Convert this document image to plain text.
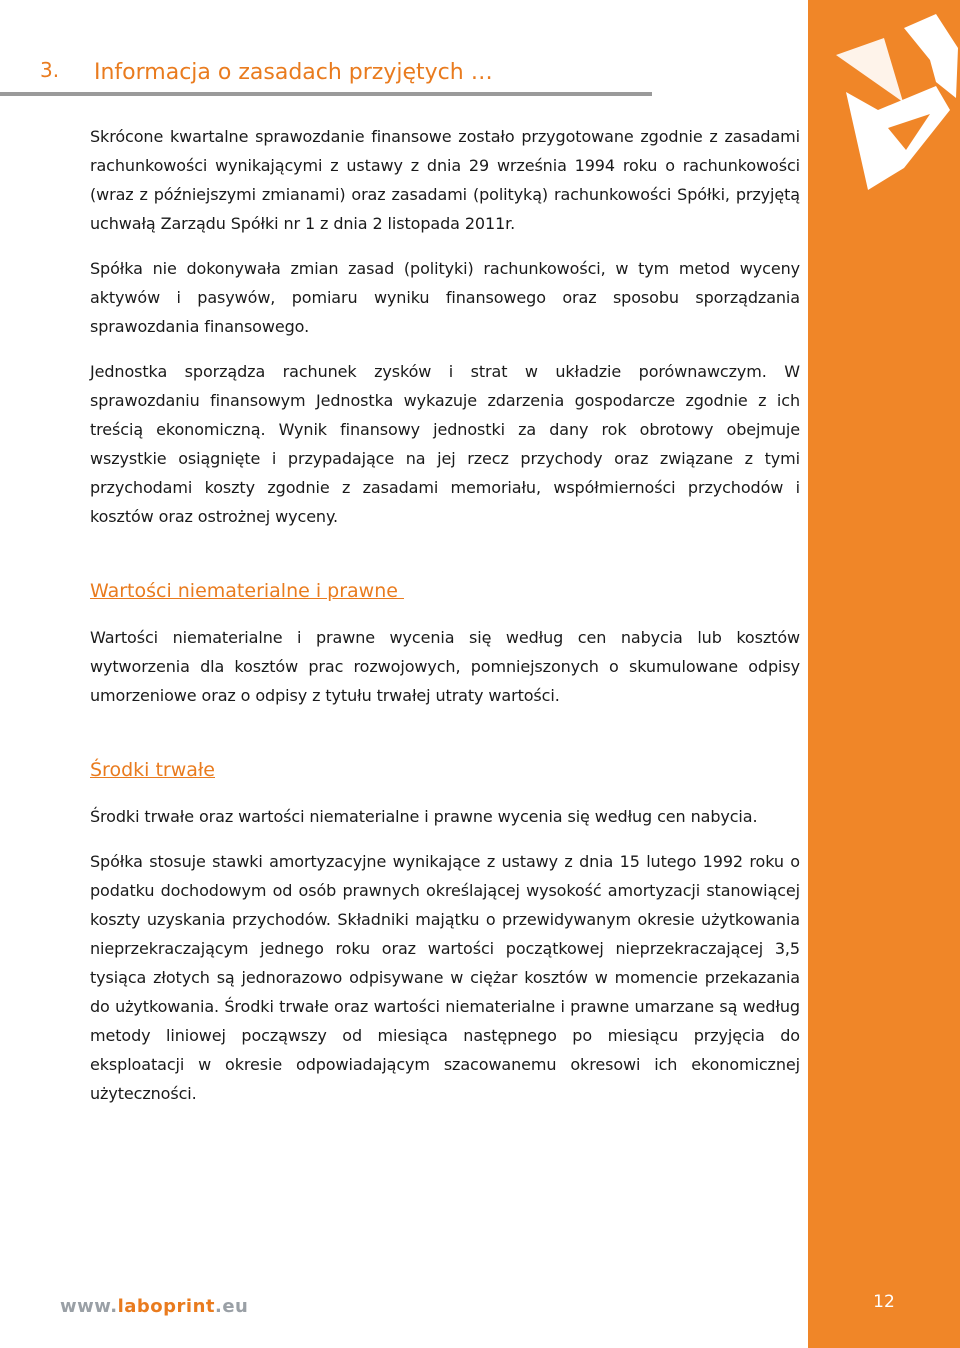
3. Informacja o zasadach przyjętych …

Skrócone kwartalne sprawozdanie finansowe zostało przygotowane zgodnie z zasadami rachunkowości wynikającymi z ustawy z dnia 29 września 1994 roku o rachunkowości (wraz z późniejszymi zmianami) oraz zasadami (polityką) rachunkowości Spółki, przyjętą uchwałą Zarządu Spółki nr 1 z dnia 2 listopada 2011r.

Spółka nie dokonywała zmian zasad (polityki) rachunkowości, w tym metod wyceny aktywów i pasywów, pomiaru wyniku finansowego oraz sposobu sporządzania sprawozdania finansowego.

Jednostka sporządza rachunek zysków i strat w układzie porównawczym. W sprawozdaniu finansowym Jednostka wykazuje zdarzenia gospodarcze zgodnie z ich treścią ekonomiczną. Wynik finansowy jednostki za dany rok obrotowy obejmuje wszystkie osiągnięte i przypadające na jej rzecz przychody oraz związane z tymi przychodami koszty zgodnie z zasadami memoriału, współmierności przychodów i kosztów oraz ostrożnej wyceny.

Wartości niematerialne i prawne

Wartości niematerialne i prawne wycenia się według cen nabycia lub kosztów wytworzenia dla kosztów prac rozwojowych, pomniejszonych o skumulowane odpisy umorzeniowe oraz o odpisy z tytułu trwałej utraty wartości.

Środki trwałe

Środki trwałe oraz wartości niematerialne i prawne wycenia się według cen nabycia.

Spółka stosuje stawki amortyzacyjne wynikające z ustawy z dnia 15 lutego 1992 roku o podatku dochodowym od osób prawnych określającej wysokość amortyzacji stanowiącej koszty uzyskania przychodów. Składniki majątku o przewidywanym okresie użytkowania nieprzekraczającym jednego roku oraz wartości początkowej nieprzekraczającej 3,5 tysiąca złotych są jednorazowo odpisywane w ciężar kosztów w momencie przekazania do użytkowania. Środki trwałe oraz wartości niematerialne i prawne umarzane są według metody liniowej począwszy od miesiąca następnego po miesiącu przyjęcia do eksploatacji w okresie odpowiadającym szacowanemu okresowi ich ekonomicznej użyteczności.

www.laboprint.eu	12
